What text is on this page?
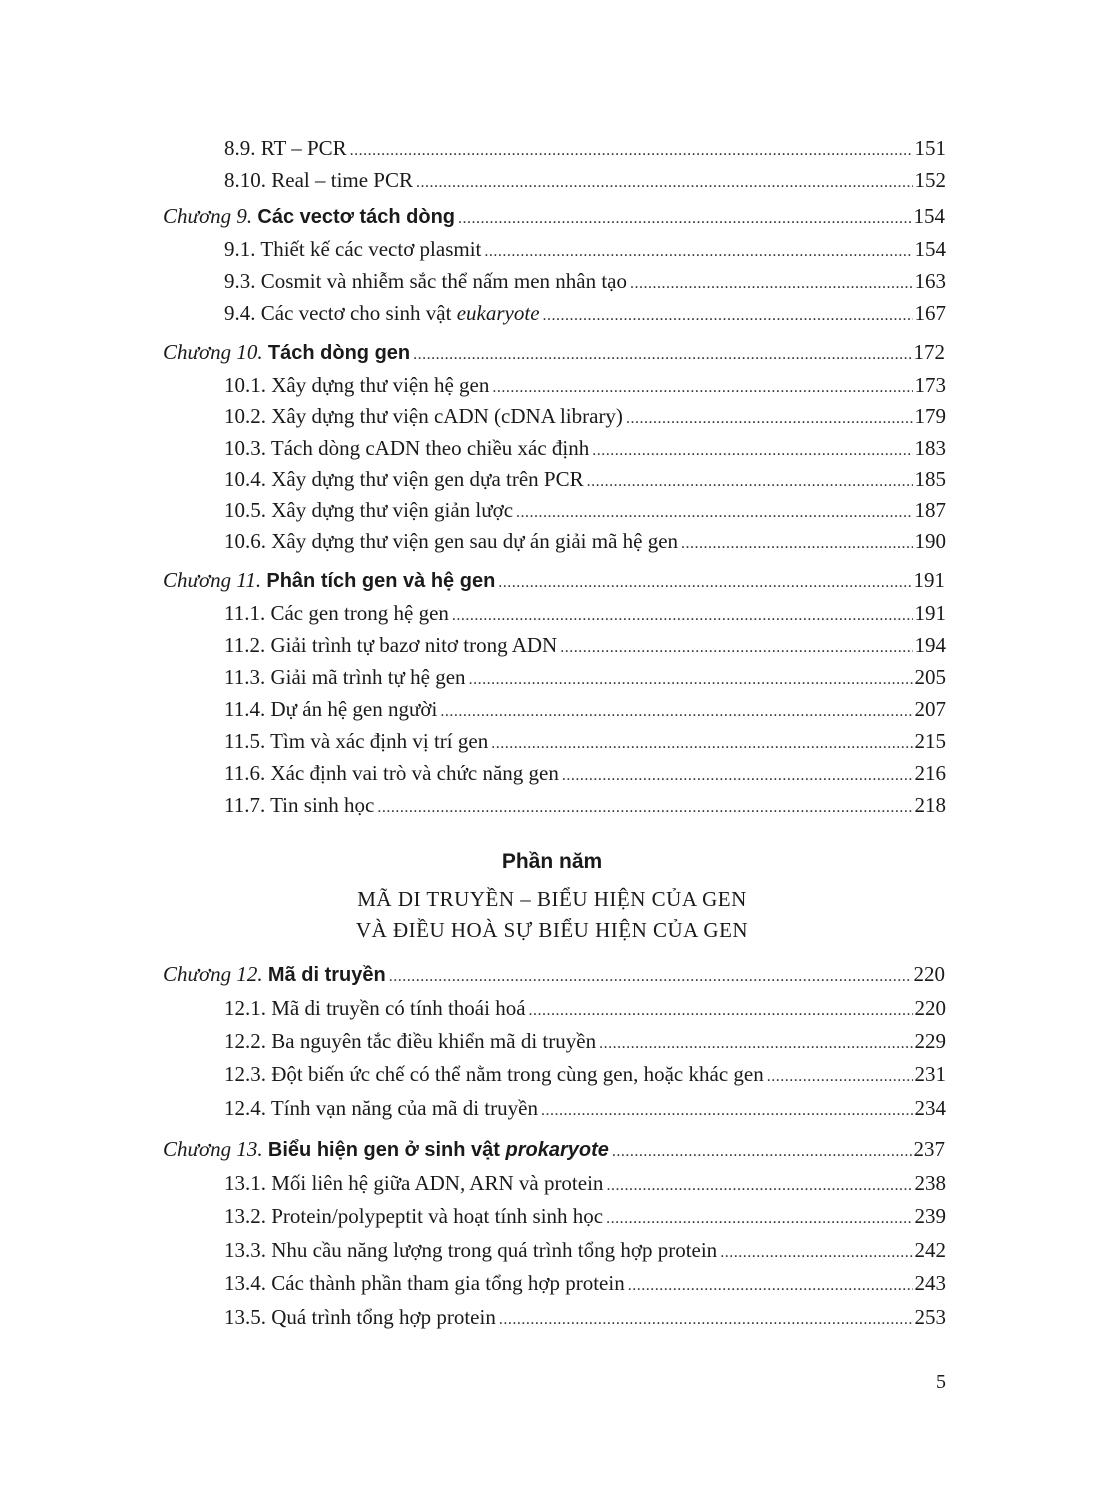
8.9. RT – PCR .....	151
8.10. Real – time PCR .....	152
Chương 9. Các vectơ tách dòng .....	154
9.1. Thiết kế các vectơ plasmit .....	154
9.3. Cosmit và nhiễm sắc thể nấm men nhân tạo .....	163
9.4. Các vectơ cho sinh vật eukaryote .....	167
Chương 10. Tách dòng gen .....	172
10.1. Xây dựng thư viện hệ gen .....	173
10.2. Xây dựng thư viện cADN (cDNA library) .....	179
10.3. Tách dòng cADN theo chiều xác định .....	183
10.4. Xây dựng thư viện gen dựa trên PCR .....	185
10.5. Xây dựng thư viện giản lược .....	187
10.6. Xây dựng thư viện gen sau dự án giải mã hệ gen .....	190
Chương 11. Phân tích gen và hệ gen .....	191
11.1. Các gen trong hệ gen .....	191
11.2. Giải trình tự bazơ nitơ trong ADN .....	194
11.3. Giải mã trình tự hệ gen .....	205
11.4. Dự án hệ gen người .....	207
11.5. Tìm và xác định vị trí gen .....	215
11.6. Xác định vai trò và chức năng gen .....	216
11.7. Tin sinh học .....	218
Phần năm
MÃ DI TRUYỀN – BIỂU HIỆN CỦA GEN
VÀ ĐIỀU HOÀ SỰ BIỂU HIỆN CỦA GEN
Chương 12. Mã di truyền .....	220
12.1. Mã di truyền có tính thoái hoá .....	220
12.2. Ba nguyên tắc điều khiển mã di truyền .....	229
12.3. Đột biến ức chế có thể nằm trong cùng gen, hoặc khác gen .....	231
12.4. Tính vạn năng của mã di truyền .....	234
Chương 13. Biểu hiện gen ở sinh vật prokaryote .....	237
13.1. Mối liên hệ giữa ADN, ARN và protein .....	238
13.2. Protein/polypeptit và hoạt tính sinh học .....	239
13.3. Nhu cầu năng lượng trong quá trình tổng hợp protein .....	242
13.4. Các thành phần tham gia tổng hợp protein .....	243
13.5. Quá trình tổng hợp protein .....	253
5
